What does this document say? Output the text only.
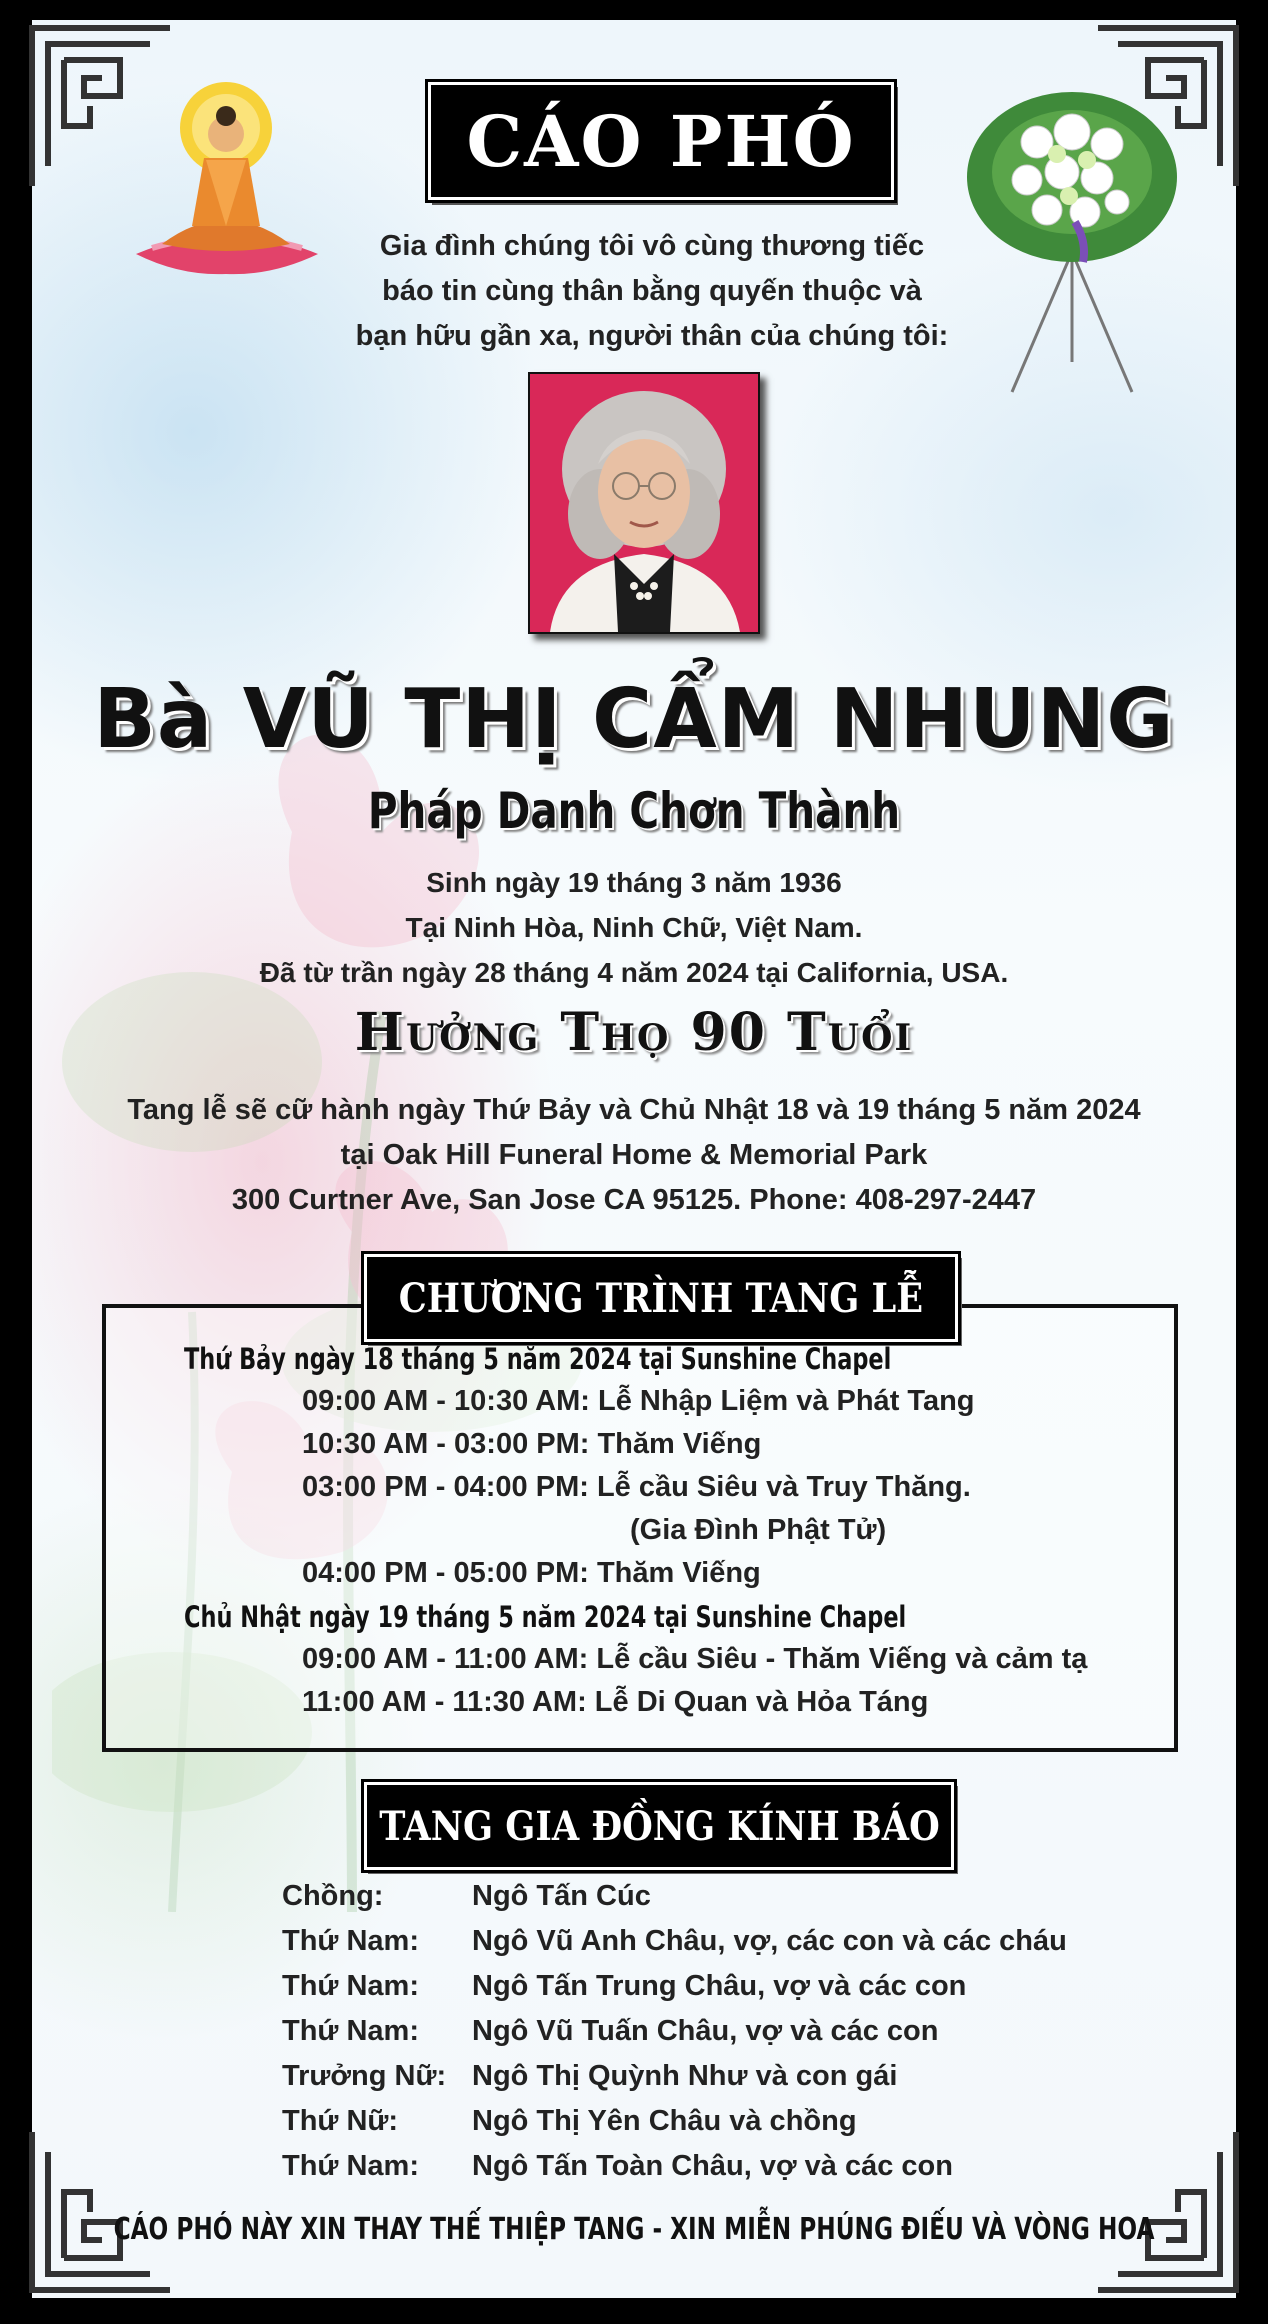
CÁO PHÓ
Gia đình chúng tôi vô cùng thương tiếc
báo tin cùng thân bằng quyến thuộc và
bạn hữu gần xa, người thân của chúng tôi:
Bà VŨ THỊ CẨM NHUNG
Pháp Danh Chơn Thành
Sinh ngày 19 tháng 3 năm 1936
Tại Ninh Hòa, Ninh Chữ, Việt Nam.
Đã từ trần ngày 28 tháng 4 năm 2024 tại California, USA.
Hưởng Thọ 90 Tuổi
Tang lễ sẽ cữ hành ngày Thứ Bảy và Chủ Nhật 18 và 19 tháng 5 năm 2024
tại Oak Hill Funeral Home & Memorial Park
300 Curtner Ave, San Jose CA 95125. Phone: 408-297-2447
CHƯƠNG TRÌNH TANG LỄ
Thứ Bảy ngày 18 tháng 5 năm 2024 tại Sunshine Chapel
09:00 AM - 10:30 AM: Lễ Nhập Liệm và Phát Tang
10:30 AM - 03:00 PM: Thăm Viếng
03:00 PM - 04:00 PM: Lễ cầu Siêu và Truy Thăng.
(Gia Đình Phật Tử)
04:00 PM - 05:00 PM: Thăm Viếng
Chủ Nhật ngày 19 tháng 5 năm 2024 tại Sunshine Chapel
09:00 AM - 11:00 AM: Lễ cầu Siêu - Thăm Viếng và cảm tạ
11:00 AM - 11:30 AM: Lễ Di Quan và Hỏa Táng
TANG GIA ĐỒNG KÍNH BÁO
Chồng:	Ngô Tấn Cúc
Thứ Nam: Ngô Vũ Anh Châu, vợ, các con và các cháu
Thứ Nam: Ngô Tấn Trung Châu, vợ và các con
Thứ Nam: Ngô Vũ Tuấn Châu, vợ và các con
Trưởng Nữ: Ngô Thị Quỳnh Như và con gái
Thứ Nữ:	Ngô Thị Yên Châu và chồng
Thứ Nam: Ngô Tấn Toàn Châu, vợ và các con
CÁO PHÓ NÀY XIN THAY THẾ THIỆP TANG - XIN MIỄN PHÚNG ĐIẾU VÀ VÒNG HOA
